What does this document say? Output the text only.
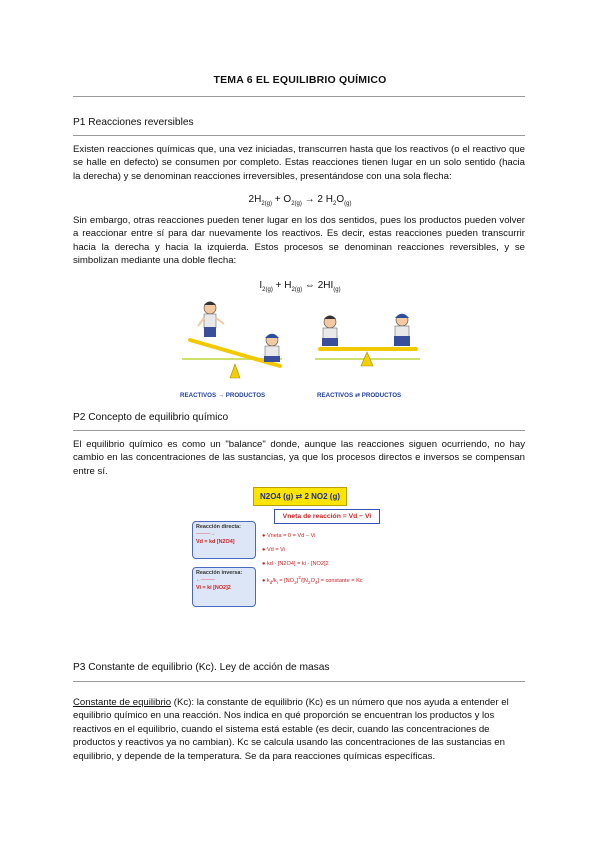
TEMA 6 EL EQUILIBRIO QUÍMICO
P1 Reacciones reversibles
Existen reacciones químicas que, una vez iniciadas, transcurren hasta que los reactivos (o el reactivo que se halle en defecto) se consumen por completo. Estas reacciones tienen lugar en un solo sentido (hacia la derecha) y se denominan reacciones irreversibles, presentándose con una sola flecha:
$2H_{2(g)} + O_{2(g)} \to 2$ $H_2O_{(g)}$
Sin embargo, otras reacciones pueden tener lugar en los dos sentidos, pues los productos pueden volver a reaccionar entre sí para dar nuevamente los reactivos. Es decir, estas reacciones pueden transcurrir hacia la derecha y hacia la izquierda. Estos procesos se denominan reacciones reversibles, y se simbolizan mediante una doble flecha:
$I_{2(g)} + H_{2(g)}$ ⇔ $2HI_{(g)}$
REACTIVOS → PRODUCTOS	REACTIVOS ⇄ PRODUCTOS
P2 Concepto de equilibrio químico
El equilibrio químico es como un "balance" donde, aunque las reacciones siguen ocurriendo, no hay cambio en las concentraciones de las sustancias, ya que los procesos directos e inversos se compensan entre sí.
N2O4 (g) ⇄ 2 NO2 (g)
Vneta de reacción = Vd − Vi
Reacción directa:
―――→
Vd = kd [N2O4]
Reacción inversa:
←―――
Vi = ki [NO2]2
● Vneta = 0 = Vd − Vi
● Vd = Vi
● kd · [N2O4] = ki · [NO2]2
● $k_d/k_i = [NO_2]^2/[N_2O_4]$ = constante = Kc
P3 Constante de equilibrio (Kc). Ley de acción de masas
Constante de equilibrio (Kc): la constante de equilibrio (Kc) es un número que nos ayuda a entender el equilibrio químico en una reacción. Nos indica en qué proporción se encuentran los productos y los reactivos en el equilibrio, cuando el sistema está estable (es decir, cuando las concentraciones de productos y reactivos ya no cambian). Kc se calcula usando las concentraciones de las sustancias en equilibrio, y depende de la temperatura. Se da para reacciones químicas específicas.
